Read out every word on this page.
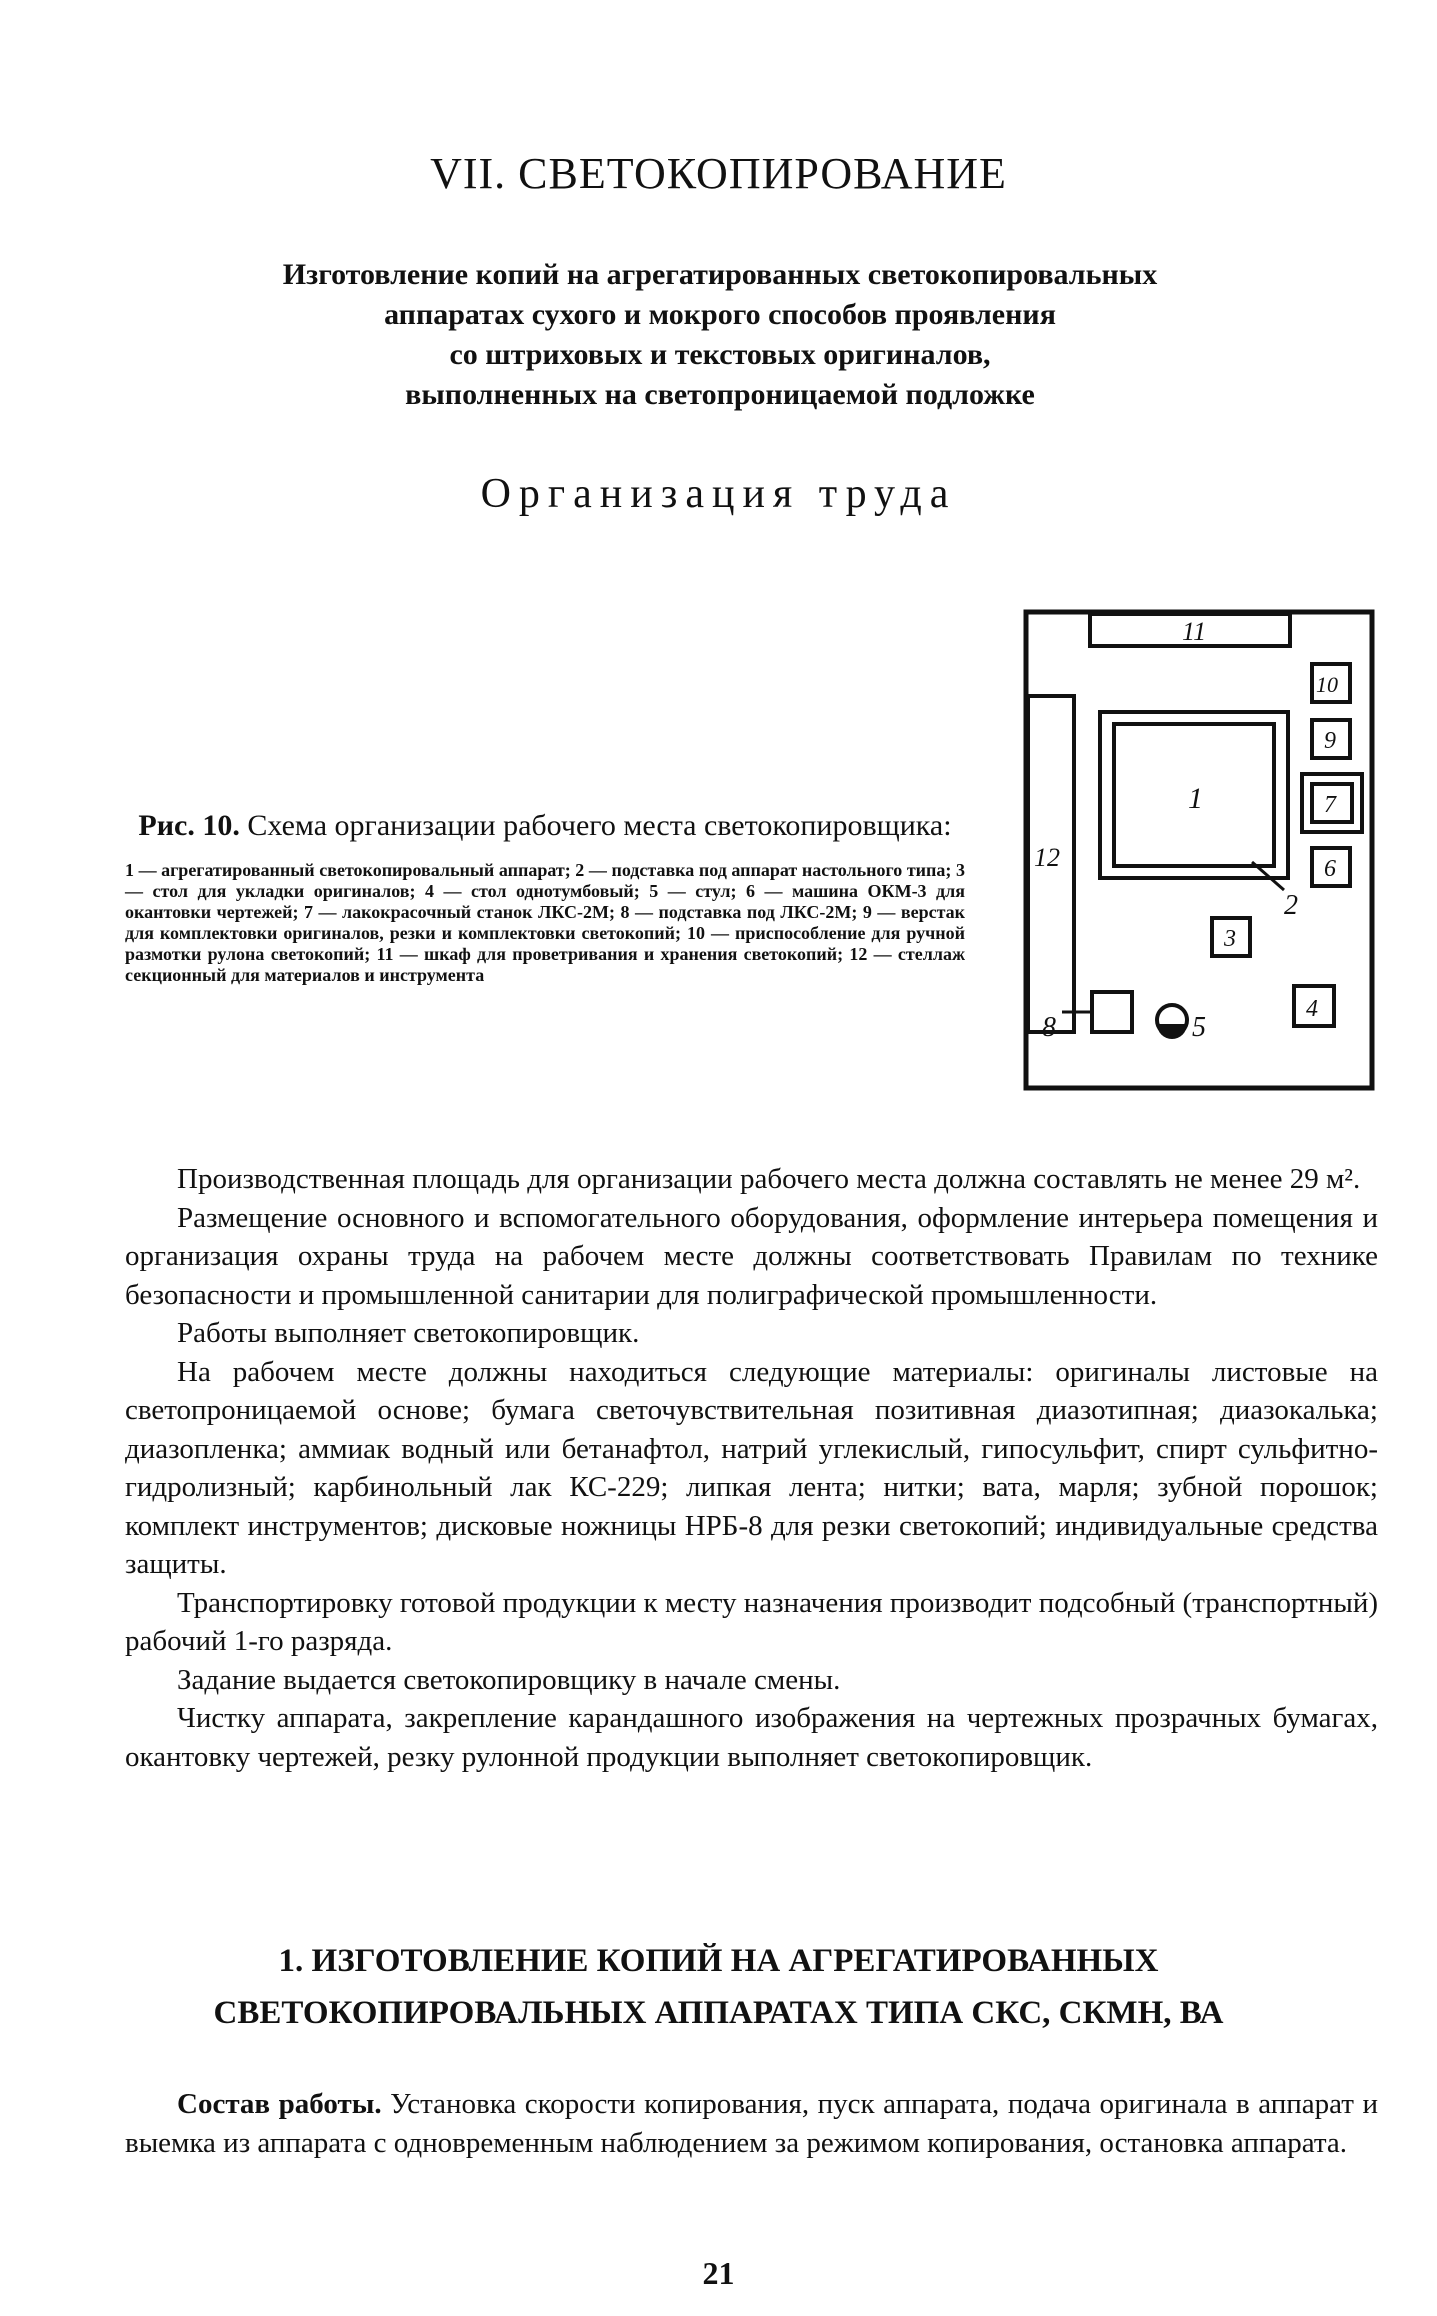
VII. СВЕТОКОПИРОВАНИЕ
Изготовление копий на агрегатированных светокопировальных
аппаратах сухого и мокрого способов проявления
со штриховых и текстовых оригиналов,
выполненных на светопроницаемой подложке
Организация труда
Рис. 10. Схема организации рабочего места светокопировщика:
1 — агрегатированный светокопировальный аппарат; 2 — подставка под аппарат настольного типа; 3 — стол для укладки оригиналов; 4 — стол однотумбовый; 5 — стул; 6 — машина ОКМ-3 для окантовки чертежей; 7 — лакокрасочный станок ЛКС-2М; 8 — подставка под ЛКС-2М; 9 — верстак для комплектовки оригиналов, резки и комплектовки светокопий; 10 — приспособление для ручной размотки рулона светокопий; 11 — шкаф для проветривания и хранения светокопий; 12 — стеллаж секционный для материалов и инструмента
11
12
1
2
10
9
7
6
3
4
8	5

Производственная площадь для организации рабочего места должна составлять не менее 29 м².

Размещение основного и вспомогательного оборудования, оформление интерьера помещения и организация охраны труда на рабочем месте должны соответствовать Правилам по технике безопасности и промышленной санитарии для полиграфической промышленности.

Работы выполняет светокопировщик.

На рабочем месте должны находиться следующие материалы: оригиналы листовые на светопроницаемой основе; бумага светочувствительная позитивная диазотипная; диазокалька; диазопленка; аммиак водный или бетанафтол, натрий углекислый, гипосульфит, спирт сульфитно-гидролизный; карбинольный лак КС-229; липкая лента; нитки; вата, марля; зубной порошок; комплект инструментов; дисковые ножницы НРБ-8 для резки светокопий; индивидуальные средства защиты.

Транспортировку готовой продукции к месту назначения производит подсобный (транспортный) рабочий 1-го разряда.

Задание выдается светокопировщику в начале смены.

Чистку аппарата, закрепление карандашного изображения на чертежных прозрачных бумагах, окантовку чертежей, резку рулонной продукции выполняет светокопировщик.

1. ИЗГОТОВЛЕНИЕ КОПИЙ НА АГРЕГАТИРОВАННЫХ
СВЕТОКОПИРОВАЛЬНЫХ АППАРАТАХ ТИПА СКС, СКМН, ВА
Состав работы. Установка скорости копирования, пуск аппарата, подача оригинала в аппарат и выемка из аппарата с одновременным наблюдением за режимом копирования, остановка аппарата.
21
